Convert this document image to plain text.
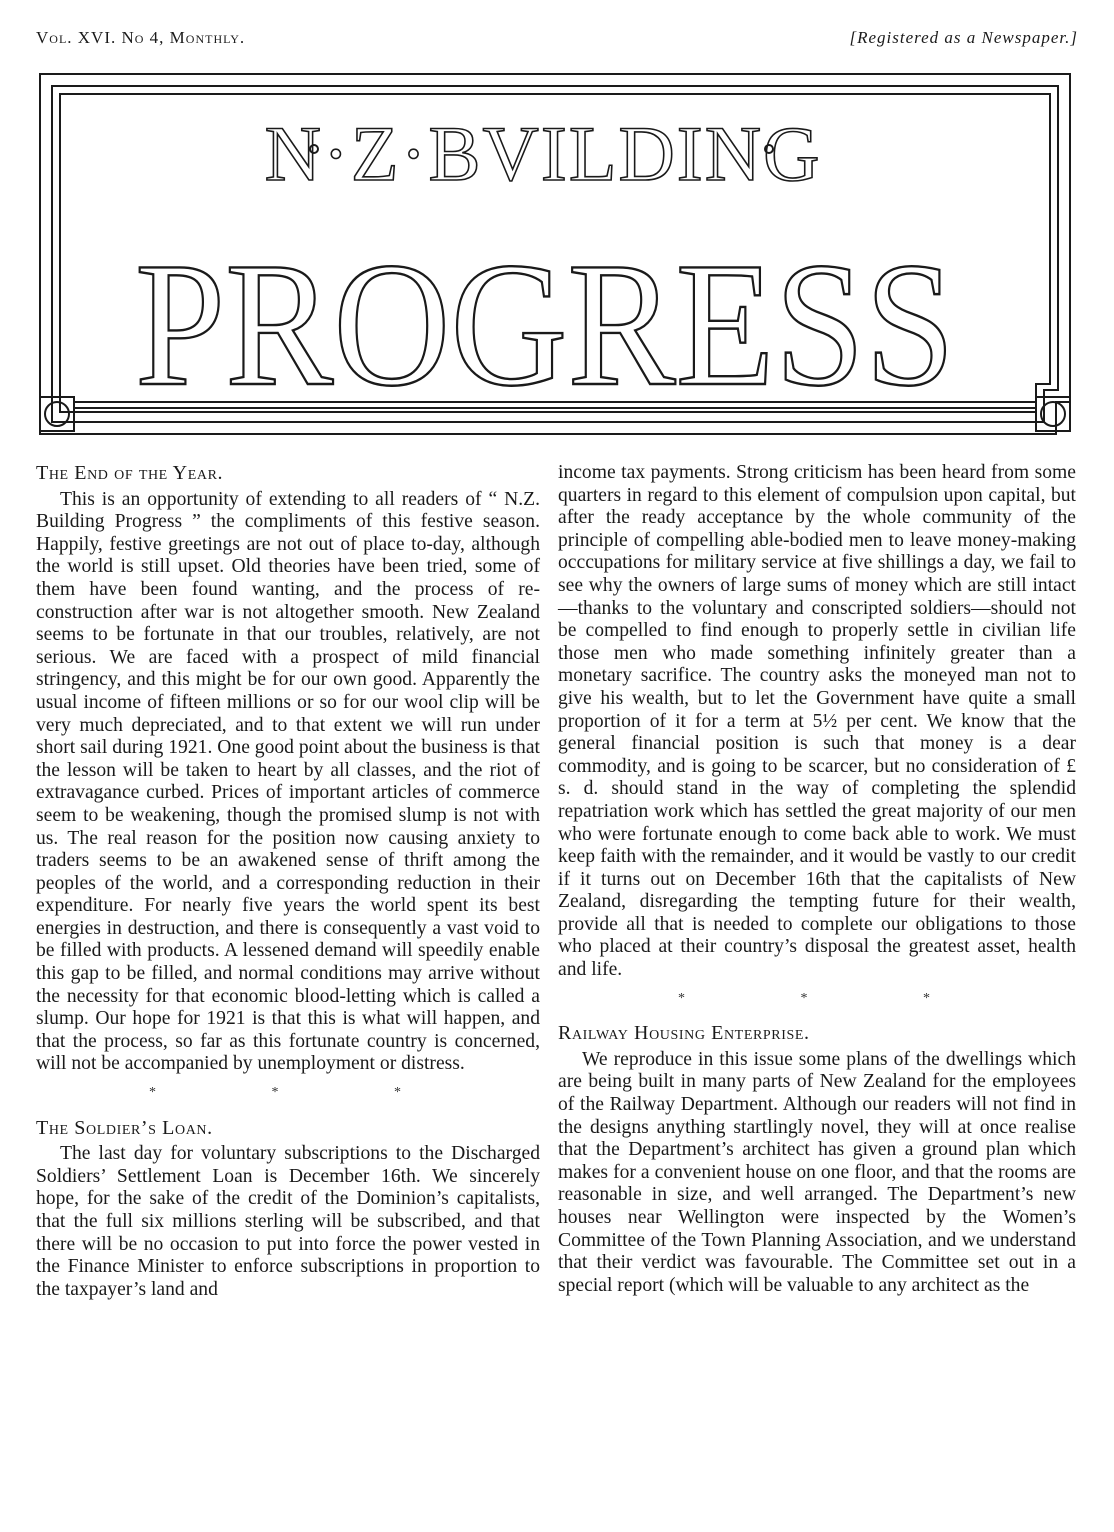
Vol. XVI. No 4, Monthly.	[Registered as a Newspaper.]
N·Z·BVILDING
PROGRESS
The End of the Year.

This is an opportunity of extending to all readers of “ N.Z. Building Progress ” the compliments of this festive season. Happily, festive greetings are not out of place to-day, although the world is still upset. Old theories have been tried, some of them have been found wanting, and the process of re-construction after war is not altogether smooth. New Zealand seems to be fortunate in that our troubles, relatively, are not serious. We are faced with a prospect of mild financial stringency, and this might be for our own good. Apparently the usual income of fifteen millions or so for our wool clip will be very much depreciated, and to that extent we will run under short sail during 1921. One good point about the business is that the lesson will be taken to heart by all classes, and the riot of extravagance curbed. Prices of important articles of commerce seem to be weakening, though the promised slump is not with us. The real reason for the position now causing anxiety to traders seems to be an awakened sense of thrift among the peoples of the world, and a corresponding reduction in their expenditure. For nearly five years the world spent its best energies in destruction, and there is consequently a vast void to be filled with products. A lessened demand will speedily enable this gap to be filled, and normal conditions may arrive without the necessity for that economic blood-letting which is called a slump. Our hope for 1921 is that this is what will happen, and that the process, so far as this fortunate country is concerned, will not be accompanied by unemployment or distress.

* * *
The Soldier’s Loan.

The last day for voluntary subscriptions to the Discharged Soldiers’ Settlement Loan is December 16th. We sincerely hope, for the sake of the credit of the Dominion’s capitalists, that the full six millions sterling will be subscribed, and that there will be no occasion to put into force the power vested in the Finance Minister to enforce subscriptions in proportion to the taxpayer’s land and

income tax payments. Strong criticism has been heard from some quarters in regard to this element of compulsion upon capital, but after the ready acceptance by the whole community of the principle of compelling able-bodied men to leave money-making occcupations for military service at five shillings a day, we fail to see why the owners of large sums of money which are still intact—thanks to the voluntary and conscripted soldiers—should not be compelled to find enough to properly settle in civilian life those men who made something infinitely greater than a monetary sacrifice. The country asks the moneyed man not to give his wealth, but to let the Government have quite a small proportion of it for a term at 5½ per cent. We know that the general financial position is such that money is a dear commodity, and is going to be scarcer, but no consideration of £ s. d. should stand in the way of completing the splendid repatriation work which has settled the great majority of our men who were fortunate enough to come back able to work. We must keep faith with the remainder, and it would be vastly to our credit if it turns out on December 16th that the capitalists of New Zealand, disregarding the tempting future for their wealth, provide all that is needed to complete our obligations to those who placed at their country’s disposal the greatest asset, health and life.

* * *
Railway Housing Enterprise.

We reproduce in this issue some plans of the dwellings which are being built in many parts of New Zealand for the employees of the Railway Department. Although our readers will not find in the designs anything startlingly novel, they will at once realise that the Department’s architect has given a ground plan which makes for a convenient house on one floor, and that the rooms are reasonable in size, and well arranged. The Department’s new houses near Wellington were inspected by the Women’s Committee of the Town Planning Association, and we understand that their verdict was favourable. The Committee set out in a special report (which will be valuable to any architect as the
